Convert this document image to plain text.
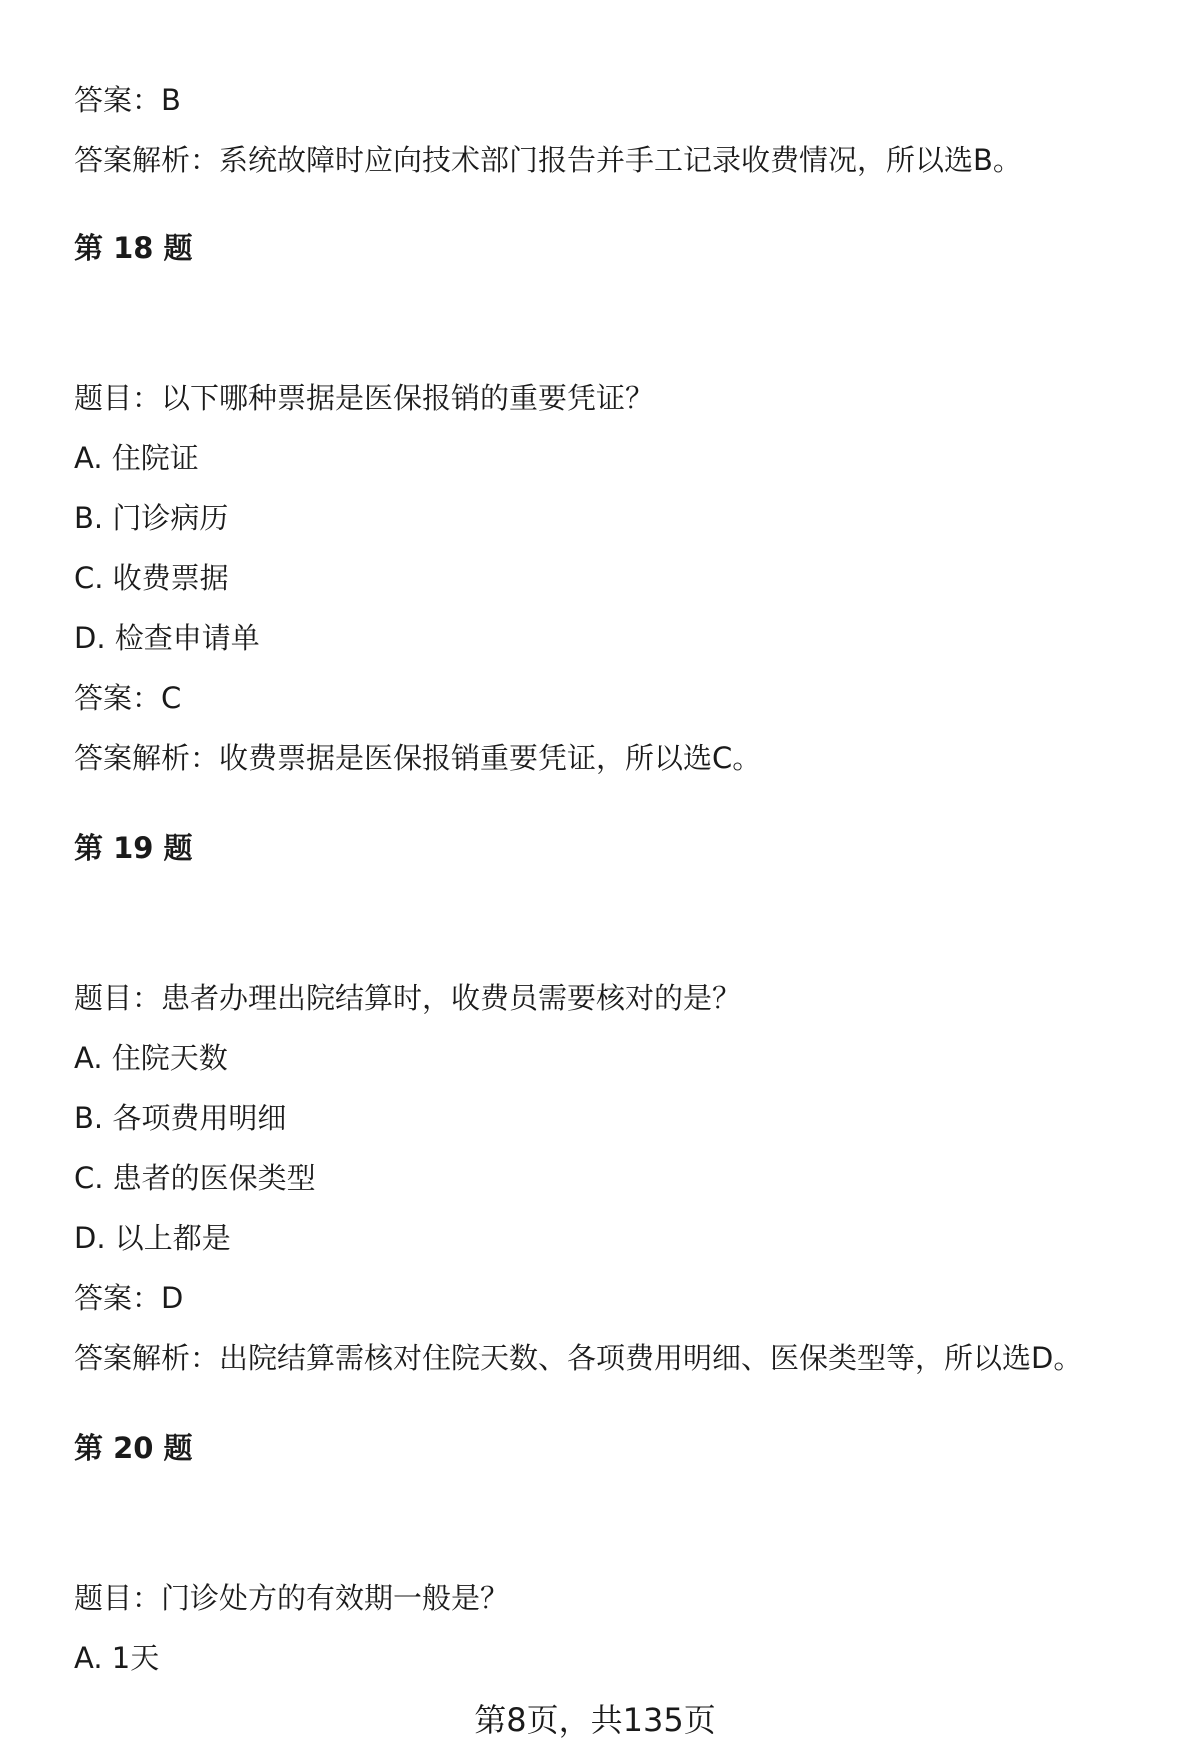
答案：B
答案解析：系统故障时应向技术部门报告并手工记录收费情况，所以选B。
第 18 题
题目：以下哪种票据是医保报销的重要凭证？
A. 住院证
B. 门诊病历
C. 收费票据
D. 检查申请单
答案：C
答案解析：收费票据是医保报销重要凭证，所以选C。
第 19 题
题目：患者办理出院结算时，收费员需要核对的是？
A. 住院天数
B. 各项费用明细
C. 患者的医保类型
D. 以上都是
答案：D
答案解析：出院结算需核对住院天数、各项费用明细、医保类型等，所以选D。
第 20 题
题目：门诊处方的有效期一般是？
A. 1天
第8页，共135页
